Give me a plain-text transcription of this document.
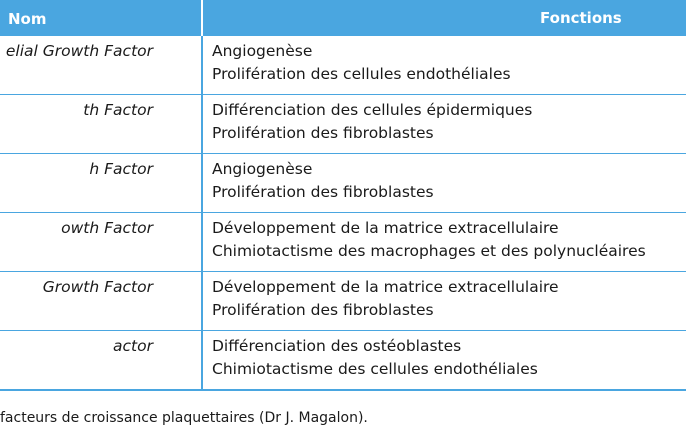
Nom	Fonctions
elial Growth Factor	Angiogenèse
Prolifération des cellules endothéliales

th Factor	Différenciation des cellules épidermiques
Prolifération des fibroblastes

h Factor	Angiogenèse
Prolifération des fibroblastes

owth Factor	Développement de la matrice extracellulaire
Chimiotactisme des macrophages et des polynucléaires

Growth Factor	Développement de la matrice extracellulaire
Prolifération des fibroblastes

actor	Différenciation des ostéoblastes
Chimiotactisme des cellules endothéliales
facteurs de croissance plaquettaires (Dr J. Magalon).
